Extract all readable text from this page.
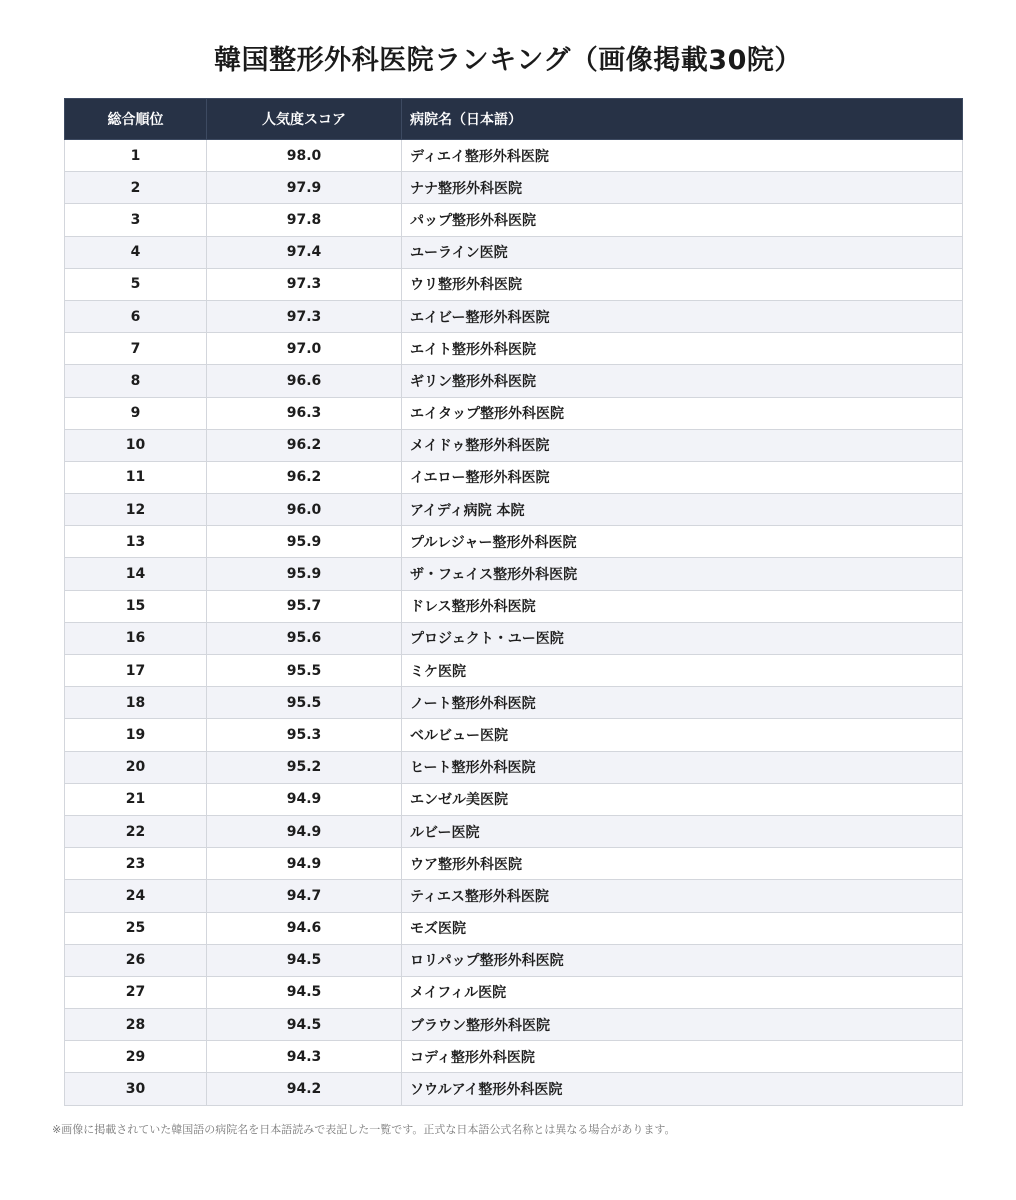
韓国整形外科医院ランキング（画像掲載30院）
総合順位	人気度スコア	病院名（日本語）
1	98.0	ディエイ整形外科医院
2	97.9	ナナ整形外科医院
3	97.8	パップ整形外科医院
4	97.4	ユーライン医院
5	97.3	ウリ整形外科医院
6	97.3	エイビー整形外科医院
7	97.0	エイト整形外科医院
8	96.6	ギリン整形外科医院
9	96.3	エイタップ整形外科医院
10	96.2	メイドゥ整形外科医院
11	96.2	イエロー整形外科医院
12	96.0	アイディ病院 本院
13	95.9	プルレジャー整形外科医院
14	95.9	ザ・フェイス整形外科医院
15	95.7	ドレス整形外科医院
16	95.6	プロジェクト・ユー医院
17	95.5	ミケ医院
18	95.5	ノート整形外科医院
19	95.3	ベルビュー医院
20	95.2	ヒート整形外科医院
21	94.9	エンゼル美医院
22	94.9	ルビー医院
23	94.9	ウア整形外科医院
24	94.7	ティエス整形外科医院
25	94.6	モズ医院
26	94.5	ロリパップ整形外科医院
27	94.5	メイフィル医院
28	94.5	ブラウン整形外科医院
29	94.3	コディ整形外科医院
30	94.2	ソウルアイ整形外科医院
※画像に掲載されていた韓国語の病院名を日本語読みで表記した一覧です。正式な日本語公式名称とは異なる場合があります。
